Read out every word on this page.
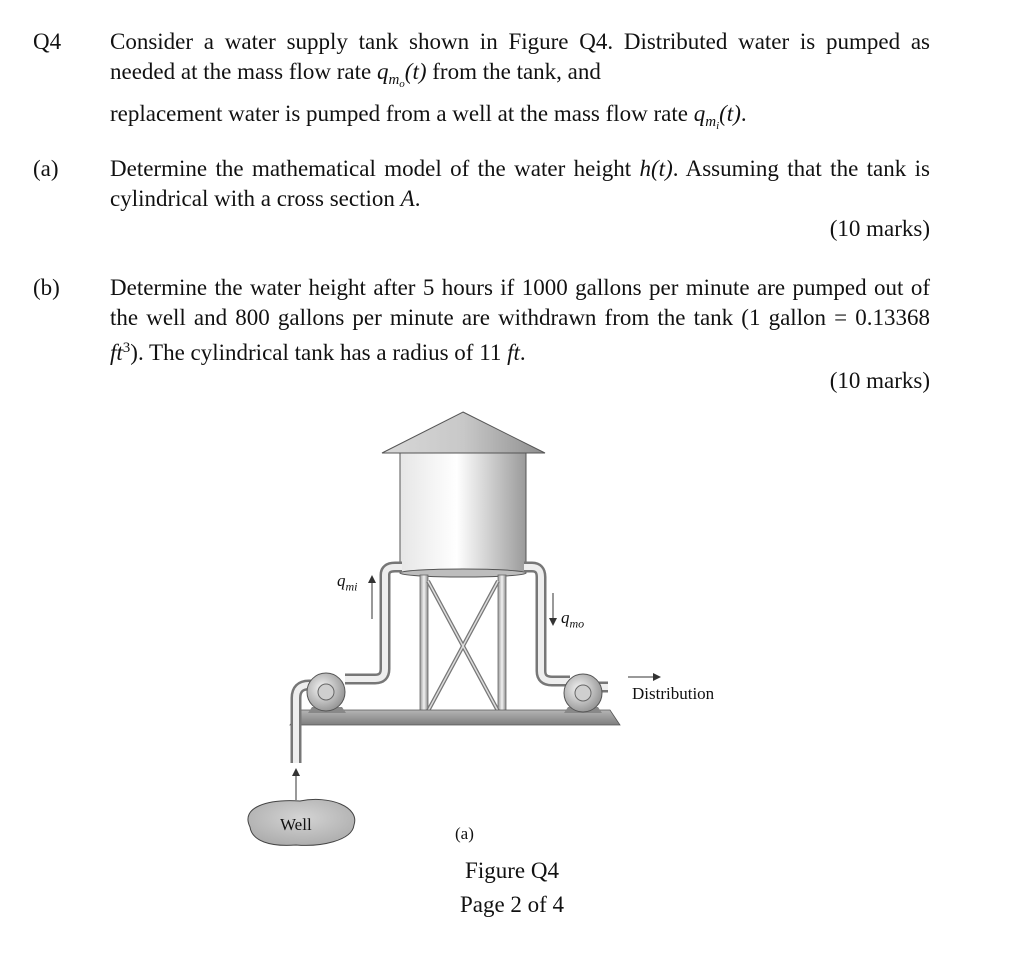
Q4 Consider a water supply tank shown in Figure Q4. Distributed water is pumped as needed at the mass flow rate $q_{m_o}(t)$ from the tank, and
replacement water is pumped from a well at the mass flow rate $q_{m_i}(t)$.
(a) Determine the mathematical model of the water height h(t). Assuming that the tank is cylindrical with a cross section A.
(10 marks)
(b) Determine the water height after 5 hours if 1000 gallons per minute are pumped out of the well and 800 gallons per minute are withdrawn from the tank (1 gallon = 0.13368 $ft^3$). The cylindrical tank has a radius of 11 ft.
(10 marks)
$q_{mi}$
$q_{mo}$
Distribution
Well	(a)
Figure Q4
Page 2 of 4
